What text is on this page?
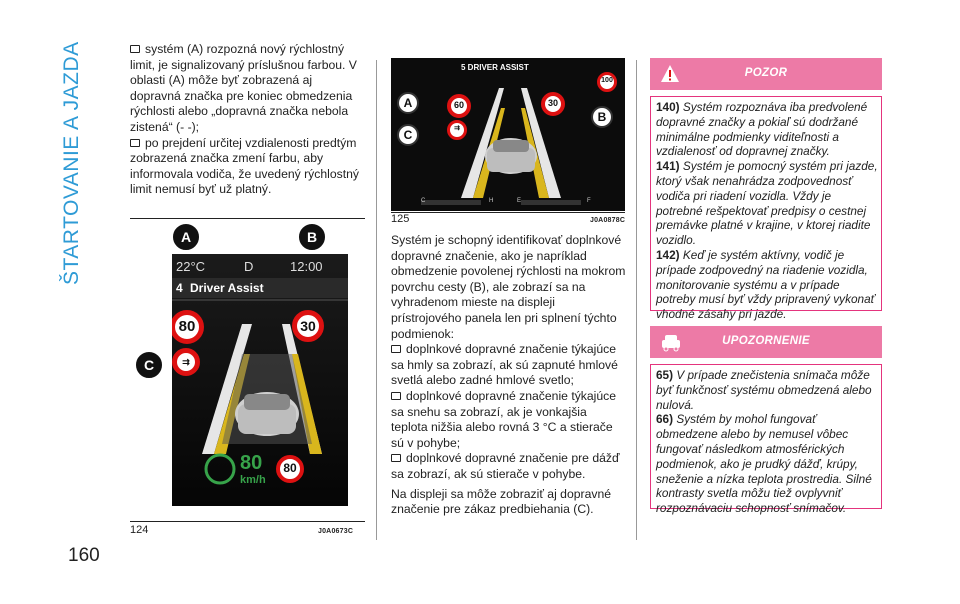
ŠTARTOVANIE A JAZDA
160

systém (A) rozpozná nový rýchlostný limit, je signalizovaný príslušnou farbou. V oblasti (A) môže byť zobrazená aj dopravná značka pre koniec obmedzenia rýchlosti alebo „dopravná značka nebola zistená“ (- -);

po prejdení určitej vzdialenosti predtým zobrazená značka zmení farbu, aby informovala vodiča, že uvedený rýchlostný limit nemusí byť už platný.

22°C	D	12:00
4 Driver Assist
80	30
⇉
80
km/h
80
A	B
C
124	J0A0673C
5 DRIVER ASSIST
100
60	30
⇉
A
B
C
C	H	E	F
125	J0A0878C

Systém je schopný identifikovať doplnkové dopravné značenie, ako je napríklad obmedzenie povolenej rýchlosti na mokrom povrchu cesty (B), ale zobrazí sa na vyhradenom mieste na displeji prístrojového panela len pri splnení týchto podmienok:

doplnkové dopravné značenie týkajúce sa hmly sa zobrazí, ak sú zapnuté hmlové svetlá alebo zadné hmlové svetlo;

doplnkové dopravné značenie týkajúce sa snehu sa zobrazí, ak je vonkajšia teplota nižšia alebo rovná 3 °C a stierače sú v pohybe;

doplnkové dopravné značenie pre dážď sa zobrazí, ak sú stierače v pohybe.

Na displeji sa môže zobraziť aj dopravné značenie pre zákaz predbiehania (C).

POZOR

140) Systém rozpoznáva iba predvolené dopravné značky a pokiaľ sú dodržané minimálne podmienky viditeľnosti a vzdialenosť od dopravnej značky.

141) Systém je pomocný systém pri jazde, ktorý však nenahrádza zodpovednosť vodiča pri riadení vozidla. Vždy je potrebné rešpektovať predpisy o cestnej premávke platné v krajine, v ktorej riadite vozidlo.

142) Keď je systém aktívny, vodič je prípade zodpovedný na riadenie vozidla, monitorovanie systému a v prípade potreby musí byť vždy pripravený vykonať vhodné zásahy pri jazde.

UPOZORNENIE

65) V prípade znečistenia snímača môže byť funkčnosť systému obmedzená alebo nulová.

66) Systém by mohol fungovať obmedzene alebo by nemusel vôbec fungovať následkom atmosférických podmienok, ako je prudký dážď, krúpy, sneženie a nízka teplota prostredia. Silné kontrasty svetla môžu tiež ovplyvniť rozpoznávaciu schopnosť snímačov.
